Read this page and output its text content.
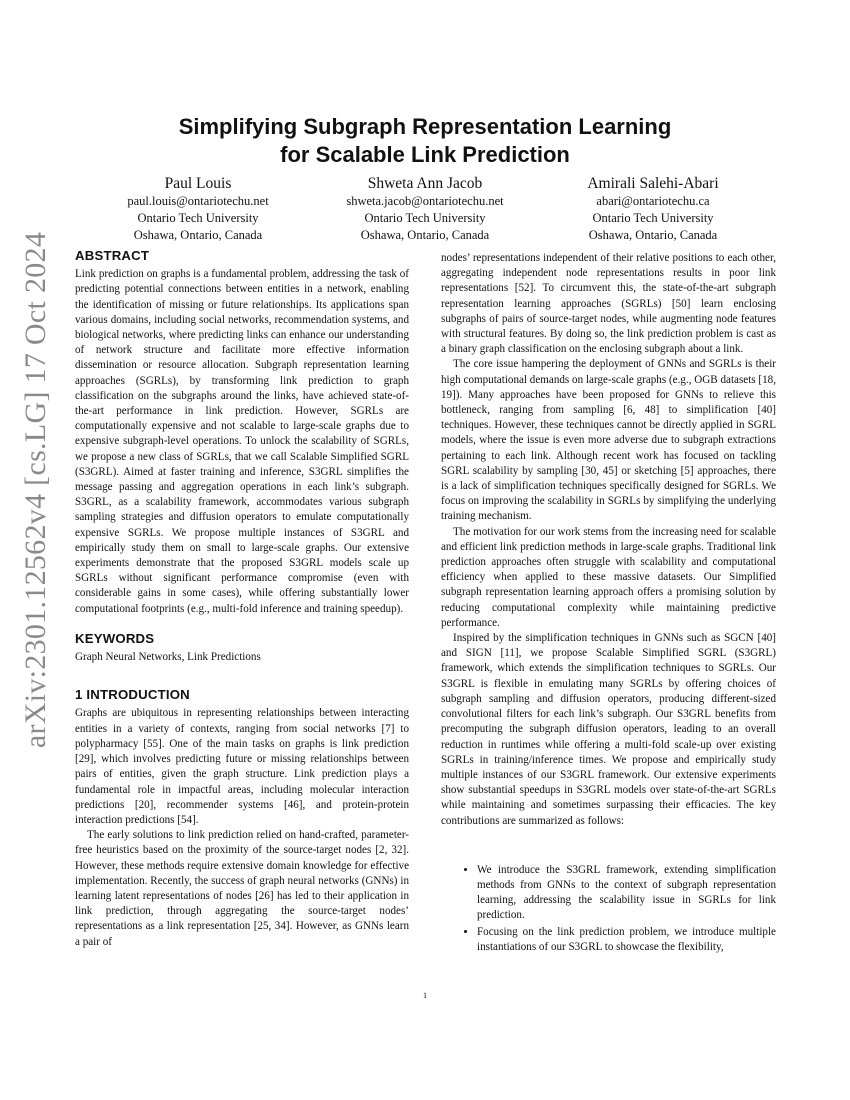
arXiv:2301.12562v4 [cs.LG] 17 Oct 2024
Simplifying Subgraph Representation Learning
for Scalable Link Prediction
Paul Louis
paul.louis@ontariotechu.net
Ontario Tech University
Oshawa, Ontario, Canada
Shweta Ann Jacob
shweta.jacob@ontariotechu.net
Ontario Tech University
Oshawa, Ontario, Canada
Amirali Salehi-Abari
abari@ontariotechu.ca
Ontario Tech University
Oshawa, Ontario, Canada
ABSTRACT

Link prediction on graphs is a fundamental problem, addressing the task of predicting potential connections between entities in a network, enabling the identification of missing or future relationships. Its applications span various domains, including social networks, recommendation systems, and biological networks, where predicting links can enhance our understanding of network structure and facilitate more effective information dissemination or resource allocation. Subgraph representation learning approaches (SGRLs), by transforming link prediction to graph classification on the subgraphs around the links, have achieved state-of-the-art performance in link prediction. However, SGRLs are computationally expensive and not scalable to large-scale graphs due to expensive subgraph-level operations. To unlock the scalability of SGRLs, we propose a new class of SGRLs, that we call Scalable Simplified SGRL (S3GRL). Aimed at faster training and inference, S3GRL simplifies the message passing and aggregation operations in each link’s subgraph. S3GRL, as a scalability framework, accommodates various subgraph sampling strategies and diffusion operators to emulate computationally expensive SGRLs. We propose multiple instances of S3GRL and empirically study them on small to large-scale graphs. Our extensive experiments demonstrate that the proposed S3GRL models scale up SGRLs without significant performance compromise (even with considerable gains in some cases), while offering substantially lower computational footprints (e.g., multi-fold inference and training speedup).

KEYWORDS

Graph Neural Networks, Link Predictions

1 INTRODUCTION

Graphs are ubiquitous in representing relationships between interacting entities in a variety of contexts, ranging from social networks [7] to polypharmacy [55]. One of the main tasks on graphs is link prediction [29], which involves predicting future or missing relationships between pairs of entities, given the graph structure. Link prediction plays a fundamental role in impactful areas, including molecular interaction predictions [20], recommender systems [46], and protein-protein interaction predictions [54].

The early solutions to link prediction relied on hand-crafted, parameter-free heuristics based on the proximity of the source-target nodes [2, 32]. However, these methods require extensive domain knowledge for effective implementation. Recently, the success of graph neural networks (GNNs) in learning latent representations of nodes [26] has led to their application in link prediction, through aggregating the source-target nodes’ representations as a link representation [25, 34]. However, as GNNs learn a pair of

nodes’ representations independent of their relative positions to each other, aggregating independent node representations results in poor link representations [52]. To circumvent this, the state-of-the-art subgraph representation learning approaches (SGRLs) [50] learn enclosing subgraphs of pairs of source-target nodes, while augmenting node features with structural features. By doing so, the link prediction problem is cast as a binary graph classification on the enclosing subgraph about a link.

The core issue hampering the deployment of GNNs and SGRLs is their high computational demands on large-scale graphs (e.g., OGB datasets [18, 19]). Many approaches have been proposed for GNNs to relieve this bottleneck, ranging from sampling [6, 48] to simplification [40] techniques. However, these techniques cannot be directly applied in SGRL models, where the issue is even more adverse due to subgraph extractions pertaining to each link. Although recent work has focused on tackling SGRL scalability by sampling [30, 45] or sketching [5] approaches, there is a lack of simplification techniques specifically designed for SGRLs. We focus on improving the scalability in SGRLs by simplifying the underlying training mechanism.

The motivation for our work stems from the increasing need for scalable and efficient link prediction methods in large-scale graphs. Traditional link prediction approaches often struggle with scalability and computational efficiency when applied to these massive datasets. Our Simplified subgraph representation learning approach offers a promising solution by reducing computational complexity while maintaining predictive performance.

Inspired by the simplification techniques in GNNs such as SGCN [40] and SIGN [11], we propose Scalable Simplified SGRL (S3GRL) framework, which extends the simplification techniques to SGRLs. Our S3GRL is flexible in emulating many SGRLs by offering choices of subgraph sampling and diffusion operators, producing different-sized convolutional filters for each link’s subgraph. Our S3GRL benefits from precomputing the subgraph diffusion operators, leading to an overall reduction in runtimes while offering a multi-fold scale-up over existing SGRLs in training/inference times. We propose and empirically study multiple instances of our S3GRL framework. Our extensive experiments show substantial speedups in S3GRL models over state-of-the-art SGRLs while maintaining and sometimes surpassing their efficacies. The key contributions are summarized as follows:

• We introduce the S3GRL framework, extending simplification methods from GNNs to the context of subgraph representation learning, addressing the scalability issue in SGRLs for link prediction.
• Focusing on the link prediction problem, we introduce multiple instantiations of our S3GRL to showcase the flexibility,
1
